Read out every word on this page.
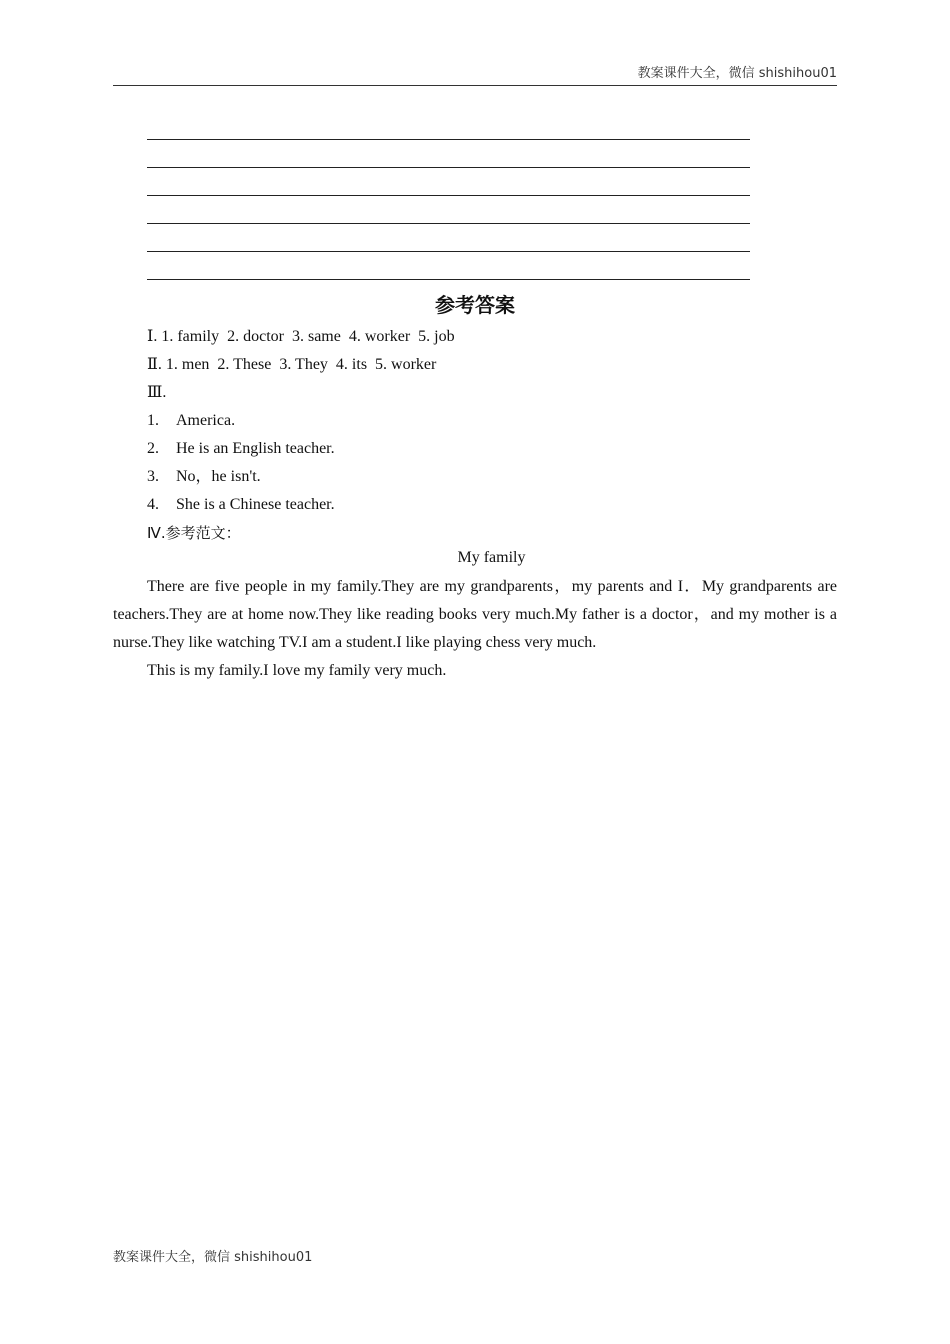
教案课件大全，微信 shishihou01
参考答案
Ⅰ. 1. family  2. doctor  3. same  4. worker  5. job
Ⅱ. 1. men  2. These  3. They  4. its  5. worker
Ⅲ.
1. America.
2. He is an English teacher.
3. No，he isn't.
4. She is a Chinese teacher.
Ⅳ.参考范文：
My family
There are five people in my family.They are my grandparents，my parents and I．My grandparents are teachers.They are at home now.They like reading books very much.My father is a doctor，and my mother is a nurse.They like watching TV.I am a student.I like playing chess very much.
This is my family.I love my family very much.
教案课件大全，微信 shishihou01
